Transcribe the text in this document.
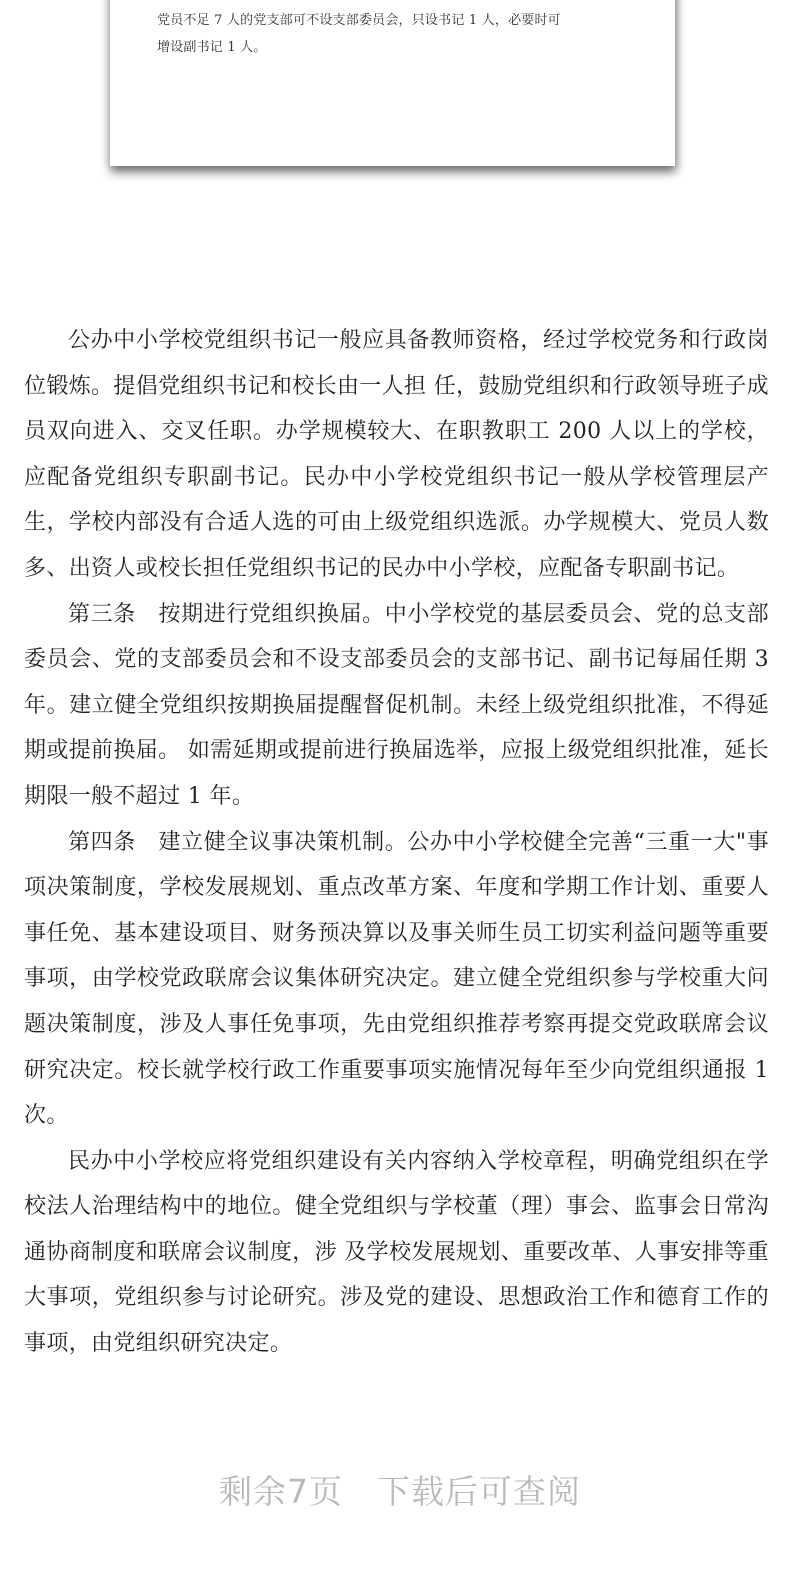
党员不足 7 人的党支部可不设支部委员会，只设书记 1 人，必要时可

增设副书记 1 人。

公办中小学校党组织书记一般应具备教师资格，经过学校党务和行政岗位锻炼。提倡党组织书记和校长由一人担 任，鼓励党组织和行政领导班子成员双向进入、交叉任职。办学规模较大、在职教职工 200 人以上的学校，应配备党组织专职副书记。民办中小学校党组织书记一般从学校管理层产生，学校内部没有合适人选的可由上级党组织选派。办学规模大、党员人数多、出资人或校长担任党组织书记的民办中小学校，应配备专职副书记。

第三条　按期进行党组织换届。中小学校党的基层委员会、党的总支部委员会、党的支部委员会和不设支部委员会的支部书记、副书记每届任期 3 年。建立健全党组织按期换届提醒督促机制。未经上级党组织批准，不得延期或提前换届。 如需延期或提前进行换届选举，应报上级党组织批准，延长期限一般不超过 1 年。

第四条　建立健全议事决策机制。公办中小学校健全完善“三重一大"事项决策制度，学校发展规划、重点改革方案、年度和学期工作计划、重要人事任免、基本建设项目、财务预决算以及事关师生员工切实利益问题等重要事项，由学校党政联席会议集体研究决定。建立健全党组织参与学校重大问题决策制度，涉及人事任免事项，先由党组织推荐考察再提交党政联席会议研究决定。校长就学校行政工作重要事项实施情况每年至少向党组织通报 1 次。

民办中小学校应将党组织建设有关内容纳入学校章程，明确党组织在学校法人治理结构中的地位。健全党组织与学校董（理）事会、监事会日常沟通协商制度和联席会议制度，涉 及学校发展规划、重要改革、人事安排等重大事项，党组织参与讨论研究。涉及党的建设、思想政治工作和德育工作的事项，由党组织研究决定。

剩余7页 下载后可查阅
